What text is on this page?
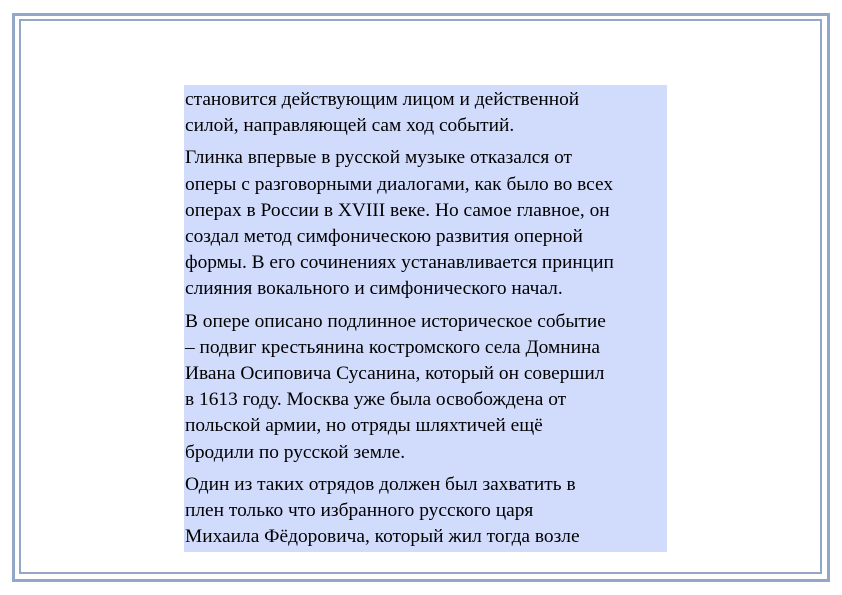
становится действующим лицом и действенной
силой, направляющей сам ход событий.

Глинка впервые в русской музыке отказался от
оперы с разговорными диалогами, как было во всех
операх в России в XVIII веке. Но самое главное, он
создал метод симфоническою развития оперной
формы. В его сочинениях устанавливается принцип
слияния вокального и симфонического начал.

В опере описано подлинное историческое событие
– подвиг крестьянина костромского села Домнина
Ивана Осиповича Сусанина, который он совершил
в 1613 году. Москва уже была освобождена от
польской армии, но отряды шляхтичей ещё
бродили по русской земле.

Один из таких отрядов должен был захватить в
плен только что избранного русского царя
Михаила Фёдоровича, который жил тогда возле
